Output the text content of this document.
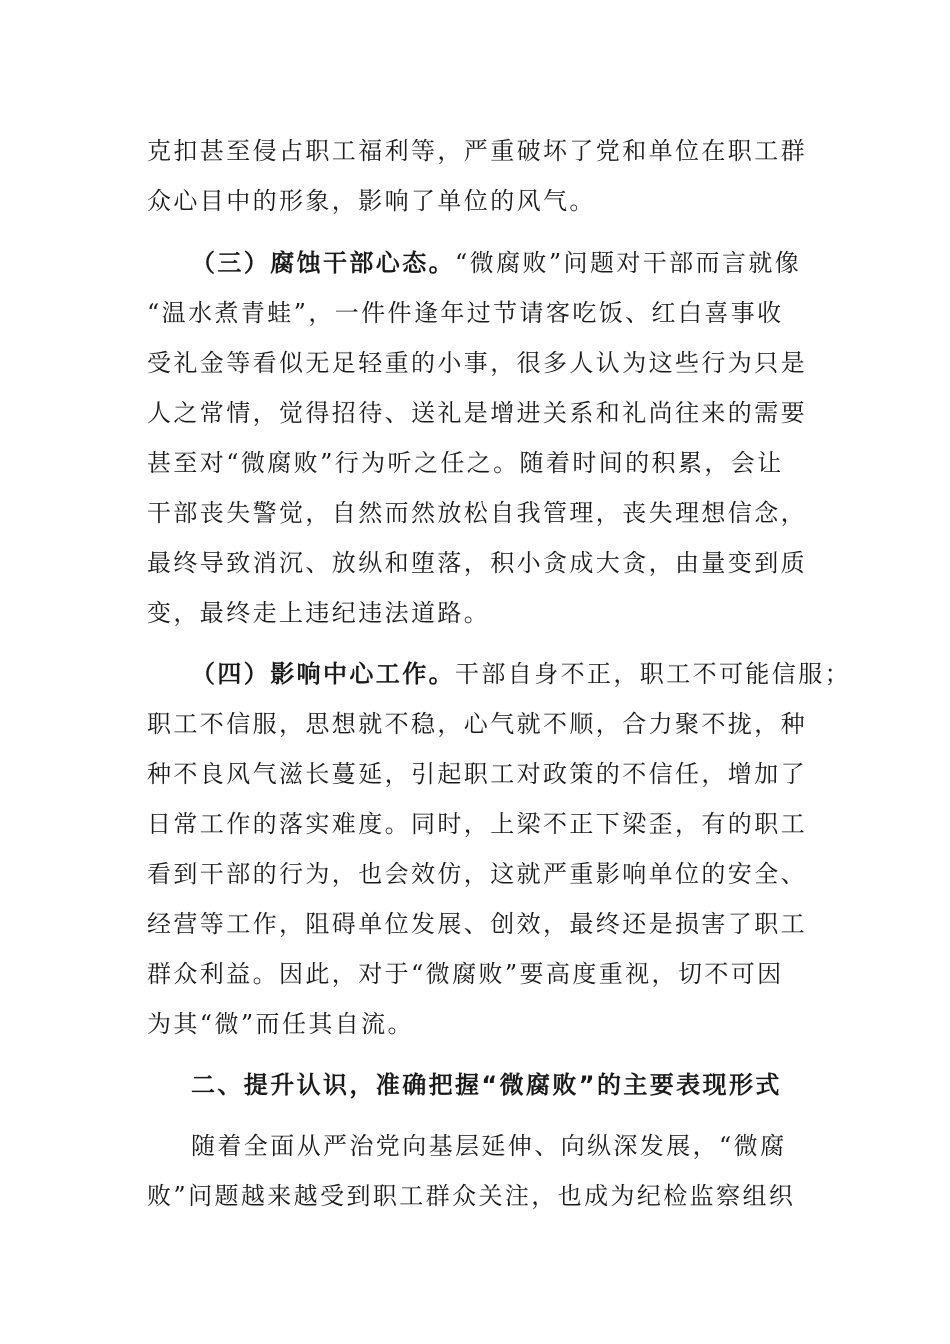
克扣甚至侵占职工福利等，严重破坏了党和单位在职工群
众心目中的形象，影响了单位的风气。
（三）腐蚀干部心态。“微腐败”问题对干部而言就像
“温水煮青蛙”，一件件逢年过节请客吃饭、红白喜事收
受礼金等看似无足轻重的小事，很多人认为这些行为只是
人之常情，觉得招待、送礼是增进关系和礼尚往来的需要
甚至对“微腐败”行为听之任之。随着时间的积累，会让
干部丧失警觉，自然而然放松自我管理，丧失理想信念，
最终导致消沉、放纵和堕落，积小贪成大贪，由量变到质
变，最终走上违纪违法道路。
（四）影响中心工作。干部自身不正，职工不可能信服；
职工不信服，思想就不稳，心气就不顺，合力聚不拢，种
种不良风气滋长蔓延，引起职工对政策的不信任，增加了
日常工作的落实难度。同时，上梁不正下梁歪，有的职工
看到干部的行为，也会效仿，这就严重影响单位的安全、
经营等工作，阻碍单位发展、创效，最终还是损害了职工
群众利益。因此，对于“微腐败”要高度重视，切不可因
为其“微”而任其自流。
二、提升认识，准确把握“微腐败”的主要表现形式
随着全面从严治党向基层延伸、向纵深发展，“微腐
败”问题越来越受到职工群众关注，也成为纪检监察组织
